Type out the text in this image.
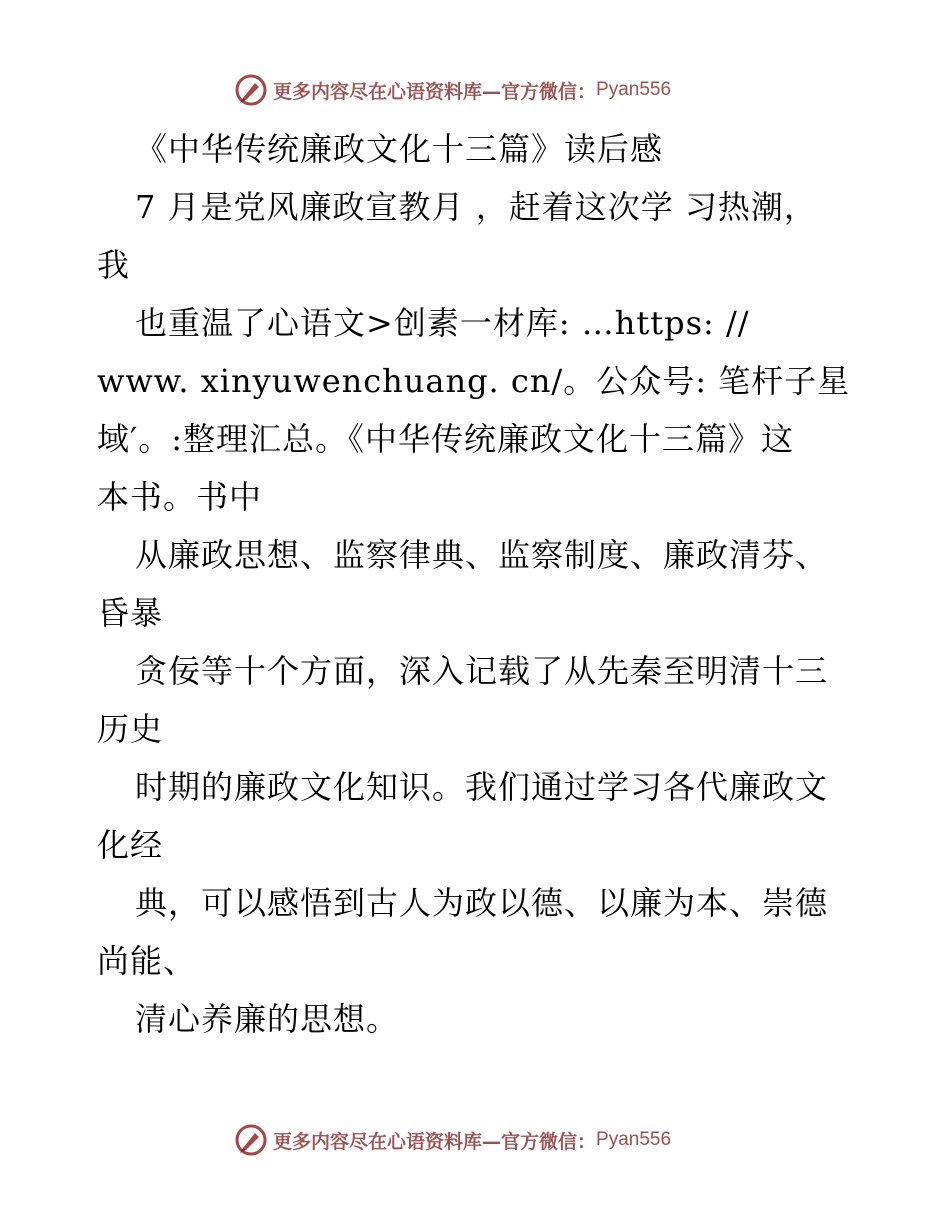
更多内容尽在心语资料库—官方微信： Pyan556
《中华传统廉政文化十三篇》读后感
7 月是党风廉政宣教月 ，赶着这次学 习热潮，
我
也重温了心语文>创素一材库: …https: //
www. xinyuwenchuang. cn/。公众号: 笔杆子星
域′。:整理汇总。《中华传统廉政文化十三篇》这
本书。书中
从廉政思想、监察律典、监察制度、廉政清芬、
昏暴
贪佞等十个方面，深入记载了从先秦至明清十三
历史
时期的廉政文化知识。我们通过学习各代廉政文
化经
典，可以感悟到古人为政以德、以廉为本、崇德
尚能、
清心养廉的思想。
更多内容尽在心语资料库—官方微信： Pyan556
